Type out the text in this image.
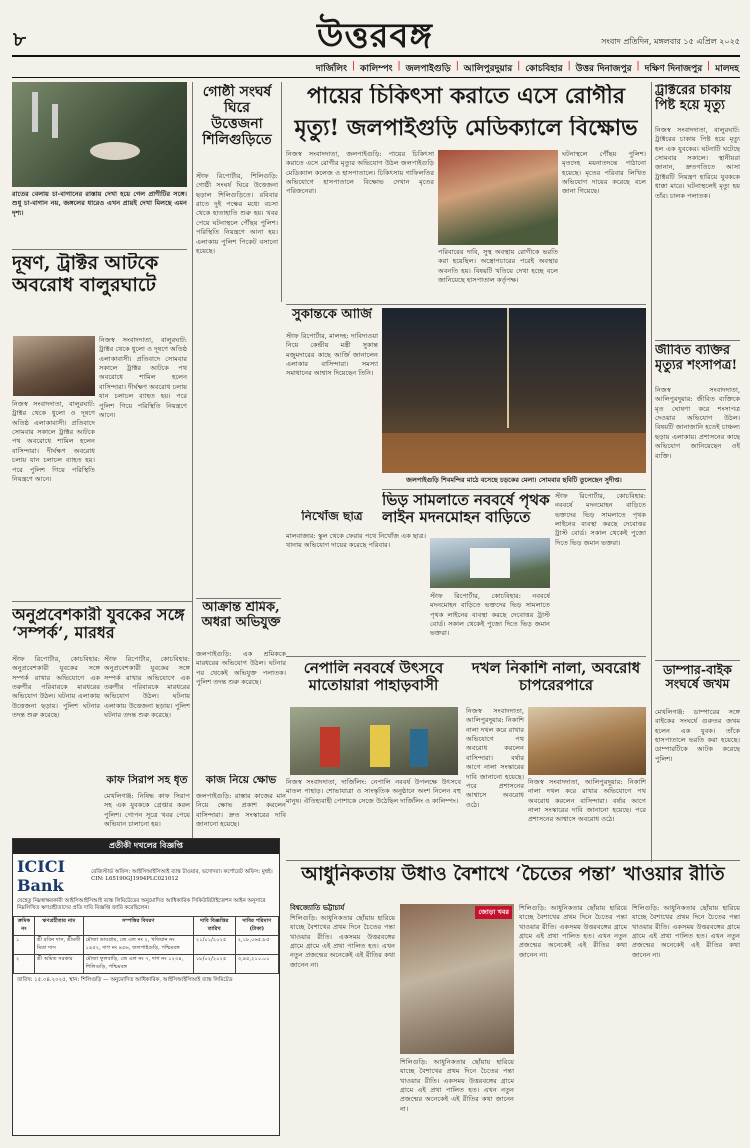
৮	উত্তরবঙ্গ	সংবাদ প্রতিদিন, মঙ্গলবার ১৫ এপ্রিল ২০২৫
দার্জিলিং | কালিম্পং | জলপাইগুড়ি | আলিপুরদুয়ার | কোচবিহার | উত্তর দিনাজপুর | দক্ষিণ দিনাজপুর | মালদহ
রাতের বেলায় চা-বাগানের রাস্তায় দেখা হয়ে গেল প্রাণীটির সঙ্গে। শুধু চা-বাগান নয়, জঙ্গলের ধারেও এখন প্রায়ই দেখা মিলছে এমন দৃশ্য।
দূষণ, ট্রাক্টর আটকে অবরোধ বালুরঘাটে
নিজস্ব সংবাদদাতা, বালুরঘাট: ট্রাক্টর থেকে ধুলো ও দূষণে অতিষ্ঠ এলাকাবাসী। প্রতিবাদে সোমবার সকালে ট্রাক্টর আটকে পথ অবরোধে শামিল হলেন বাসিন্দারা। দীর্ঘক্ষণ অবরোধ চলায় যান চলাচল ব্যাহত হয়। পরে পুলিশ গিয়ে পরিস্থিতি নিয়ন্ত্রণে আনে।
নিজস্ব সংবাদদাতা, বালুরঘাট: ট্রাক্টর থেকে ধুলো ও দূষণে অতিষ্ঠ এলাকাবাসী। প্রতিবাদে সোমবার সকালে ট্রাক্টর আটকে পথ অবরোধে শামিল হলেন বাসিন্দারা। দীর্ঘক্ষণ অবরোধ চলায় যান চলাচল ব্যাহত হয়। পরে পুলিশ গিয়ে পরিস্থিতি নিয়ন্ত্রণে আনে।
গোষ্ঠী সংঘর্ষ ঘিরে উত্তেজনা শিলিগুড়িতে
স্টাফ রিপোর্টার, শিলিগুড়ি: গোষ্ঠী সংঘর্ষ ঘিরে উত্তেজনা ছড়াল শিলিগুড়িতে। রবিবার রাতে দুই পক্ষের মধ্যে বচসা থেকে হাতাহাতি শুরু হয়। খবর পেয়ে ঘটনাস্থলে পৌঁছয় পুলিশ। পরিস্থিতি নিয়ন্ত্রণে আনা হয়। এলাকায় পুলিশ পিকেট বসানো হয়েছে।
আক্রান্ত শ্রমিক, অধরা অভিযুক্ত
জলপাইগুড়ি: এক শ্রমিককে মারধরের অভিযোগ উঠল। ঘটনার পর থেকেই অভিযুক্ত পলাতক। পুলিশ তদন্ত শুরু করেছে।
অনুপ্রবেশকারী যুবকের সঙ্গে ‘সম্পর্ক’, মারধর
স্টাফ রিপোর্টার, কোচবিহার: অনুপ্রবেশকারী যুবকের সঙ্গে সম্পর্ক রাখার অভিযোগে এক তরুণীর পরিবারকে মারধরের অভিযোগ উঠল। ঘটনায় এলাকায় উত্তেজনা ছড়ায়। পুলিশ ঘটনার তদন্ত শুরু করেছে।
স্টাফ রিপোর্টার, কোচবিহার: অনুপ্রবেশকারী যুবকের সঙ্গে সম্পর্ক রাখার অভিযোগে এক তরুণীর পরিবারকে মারধরের অভিযোগ উঠল। ঘটনায় এলাকায় উত্তেজনা ছড়ায়। পুলিশ ঘটনার তদন্ত শুরু করেছে।
কাফ সিরাপ সহ ধৃত
মেখলিগঞ্জ: নিষিদ্ধ কাফ সিরাপ সহ এক যুবককে গ্রেপ্তার করল পুলিশ। গোপন সূত্রে খবর পেয়ে অভিযান চালানো হয়।
কাজ নিয়ে ক্ষোভ
জলপাইগুড়ি: রাস্তার কাজের মান নিয়ে ক্ষোভ প্রকাশ করলেন বাসিন্দারা। দ্রুত সংস্কারের দাবি জানানো হয়েছে।
পায়ের চিকিৎসা করাতে এসে রোগীর
মৃত্যু! জলপাইগুড়ি মেডিক্যালে বিক্ষোভ
নিজস্ব সংবাদদাতা, জলপাইগুড়ি: পায়ের চিকিৎসা করাতে এসে রোগীর মৃত্যুর অভিযোগ উঠল জলপাইগুড়ি মেডিক্যাল কলেজ ও হাসপাতালে। চিকিৎসায় গাফিলতির অভিযোগে হাসপাতালে বিক্ষোভ দেখান মৃতের পরিজনেরা।
পরিবারের দাবি, সুস্থ অবস্থায় রোগীকে ভরতি করা হয়েছিল। অস্ত্রোপচারের পরেই অবস্থার অবনতি হয়। বিষয়টি খতিয়ে দেখা হচ্ছে বলে জানিয়েছে হাসপাতাল কর্তৃপক্ষ।
ঘটনাস্থলে পৌঁছয় পুলিশ। মৃতদেহ ময়নাতদন্তে পাঠানো হয়েছে। মৃতের পরিবার লিখিত অভিযোগ দায়ের করেছে বলে জানা গিয়েছে।
ট্রাক্টরের চাকায় পিষ্ট হয়ে মৃত্যু
নিজস্ব সংবাদদাতা, বালুরঘাট: ট্রাক্টরের চাকায় পিষ্ট হয়ে মৃত্যু হল এক যুবকের। ঘটনাটি ঘটেছে সোমবার সকালে। স্থানীয়রা জানান, দ্রুতগতিতে আসা ট্রাক্টরটি নিয়ন্ত্রণ হারিয়ে যুবককে ধাক্কা মারে। ঘটনাস্থলেই মৃত্যু হয় তাঁর। চালক পলাতক।
জীবিত ব্যক্তির মৃত্যুর শংসাপত্র!
নিজস্ব সংবাদদাতা, আলিপুরদুয়ার: জীবিত ব্যক্তিকে মৃত ঘোষণা করে শংসাপত্র দেওয়ার অভিযোগ উঠল। বিষয়টি জানাজানি হতেই চাঞ্চল্য ছড়ায় এলাকায়। প্রশাসনের কাছে অভিযোগ জানিয়েছেন ওই ব্যক্তি।
ডাম্পার-বাইক সংঘর্ষে জখম
মেখলিগঞ্জ: ডাম্পারের সঙ্গে বাইকের সংঘর্ষে গুরুতর জখম হলেন এক যুবক। তাঁকে হাসপাতালে ভরতি করা হয়েছে। ডাম্পারটিকে আটক করেছে পুলিশ।
সুকান্তকে আর্জি
স্টাফ রিপোর্টার, মালদহ: দাবিদাওয়া নিয়ে কেন্দ্রীয় মন্ত্রী সুকান্ত মজুমদারের কাছে আর্জি জানালেন এলাকার বাসিন্দারা। সমস্যা সমাধানের আশ্বাস দিয়েছেন তিনি।
জলপাইগুড়ি শিবমন্দির মাঠে বসেছে চড়কের মেলা। সোমবার ছবিটি তুলেছেন সুদীপ্ত।
ভিড় সামলাতে নববর্ষে পৃথক লাইন মদনমোহন বাড়িতে
স্টাফ রিপোর্টার, কোচবিহার: নববর্ষে মদনমোহন বাড়িতে ভক্তদের ভিড় সামলাতে পৃথক লাইনের ব্যবস্থা করছে দেবোত্তর ট্রাস্ট বোর্ড। সকাল থেকেই পুজো দিতে ভিড় জমান ভক্তরা।
স্টাফ রিপোর্টার, কোচবিহার: নববর্ষে মদনমোহন বাড়িতে ভক্তদের ভিড় সামলাতে পৃথক লাইনের ব্যবস্থা করছে দেবোত্তর ট্রাস্ট বোর্ড। সকাল থেকেই পুজো দিতে ভিড় জমান ভক্তরা।
নিখোঁজ ছাত্র
মালবাজার: স্কুল থেকে ফেরার পথে নিখোঁজ এক ছাত্র। থানায় অভিযোগ দায়ের করেছে পরিবার।
নেপালি নববর্ষে উৎসবে মাতোয়ারা পাহাড়বাসী
নিজস্ব সংবাদদাতা, দার্জিলিং: নেপালি নববর্ষ উপলক্ষে উৎসবে মাতল পাহাড়। শোভাযাত্রা ও সাংস্কৃতিক অনুষ্ঠানে অংশ নিলেন বহু মানুষ। ঐতিহ্যবাহী পোশাকে সেজে উঠেছিল দার্জিলিং ও কালিম্পং।
দখল নিকাশি নালা, অবরোধ চাপরেরপারে
নিজস্ব সংবাদদাতা, আলিপুরদুয়ার: নিকাশি নালা দখল করে রাখার অভিযোগে পথ অবরোধ করলেন বাসিন্দারা। বর্ষার আগে নালা সংস্কারের দাবি জানানো হয়েছে। পরে প্রশাসনের আশ্বাসে অবরোধ ওঠে।
নিজস্ব সংবাদদাতা, আলিপুরদুয়ার: নিকাশি নালা দখল করে রাখার অভিযোগে পথ অবরোধ করলেন বাসিন্দারা। বর্ষার আগে নালা সংস্কারের দাবি জানানো হয়েছে। পরে প্রশাসনের আশ্বাসে অবরোধ ওঠে।
প্রতীকী দখলের বিজ্ঞপ্তি
ICICI Bank
রেজিস্টার্ড অফিস: আইসিআইসিআই ব্যাঙ্ক টাওয়ার, ভদোদরা। কর্পোরেট অফিস: মুম্বই। CIN: L65190GJ1994PLC021012
যেহেতু নিম্নস্বাক্ষরকারী আইসিআইসিআই ব্যাঙ্ক লিমিটেডের অনুমোদিত আধিকারিক সিকিউরিটাইজেশন আইন অনুসারে নিম্নলিখিত ঋণগ্রহীতাদের প্রতি দাবি বিজ্ঞপ্তি জারি করেছিলেন।
ক্রমিক নং	ঋণগ্রহীতার নাম	সম্পত্তির বিবরণ	দাবি বিজ্ঞপ্তির তারিখ	দাবির পরিমাণ (টাকা)
১	শ্রী রবিন দাস, শ্রীমতী মিতা দাস	মৌজা ডাবগ্রাম, জে এল নং ২, খতিয়ান নং ১৪৫২, দাগ নং ৪৫৬, জলপাইগুড়ি, পশ্চিমবঙ্গ	২১/০১/২০২৫	২,১৮,০৬৫.৮৫
২	শ্রী অমিত সরকার	মৌজা ফুলবাড়ি, জে এল নং ৭, দাগ নং ১২৩৪, শিলিগুড়ি, পশ্চিমবঙ্গ	১৮/০২/২০২৫	৩,৪৫,২১০.০০
তারিখ: ১৫.০৪.২০২৫, স্থান: শিলিগুড়ি — অনুমোদিত আধিকারিক, আইসিআইসিআই ব্যাঙ্ক লিমিটেড
আধুনিকতায় উধাও বৈশাখে ‘চৈতের পন্তা’ খাওয়ার রীতি
বিশ্বজ্যোতি ভট্টাচার্য
শিলিগুড়ি: আধুনিকতার ছোঁয়ায় হারিয়ে যাচ্ছে বৈশাখের প্রথম দিনে চৈতের পন্তা খাওয়ার রীতি। একসময় উত্তরবঙ্গের গ্রামে গ্রামে এই প্রথা পালিত হত। এখন নতুন প্রজন্মের অনেকেই এই রীতির কথা জানেন না।
জোড়া খবর
শিলিগুড়ি: আধুনিকতার ছোঁয়ায় হারিয়ে যাচ্ছে বৈশাখের প্রথম দিনে চৈতের পন্তা খাওয়ার রীতি। একসময় উত্তরবঙ্গের গ্রামে গ্রামে এই প্রথা পালিত হত। এখন নতুন প্রজন্মের অনেকেই এই রীতির কথা জানেন না।
শিলিগুড়ি: আধুনিকতার ছোঁয়ায় হারিয়ে যাচ্ছে বৈশাখের প্রথম দিনে চৈতের পন্তা খাওয়ার রীতি। একসময় উত্তরবঙ্গের গ্রামে গ্রামে এই প্রথা পালিত হত। এখন নতুন প্রজন্মের অনেকেই এই রীতির কথা জানেন না।
শিলিগুড়ি: আধুনিকতার ছোঁয়ায় হারিয়ে যাচ্ছে বৈশাখের প্রথম দিনে চৈতের পন্তা খাওয়ার রীতি। একসময় উত্তরবঙ্গের গ্রামে গ্রামে এই প্রথা পালিত হত। এখন নতুন প্রজন্মের অনেকেই এই রীতির কথা জানেন না।
